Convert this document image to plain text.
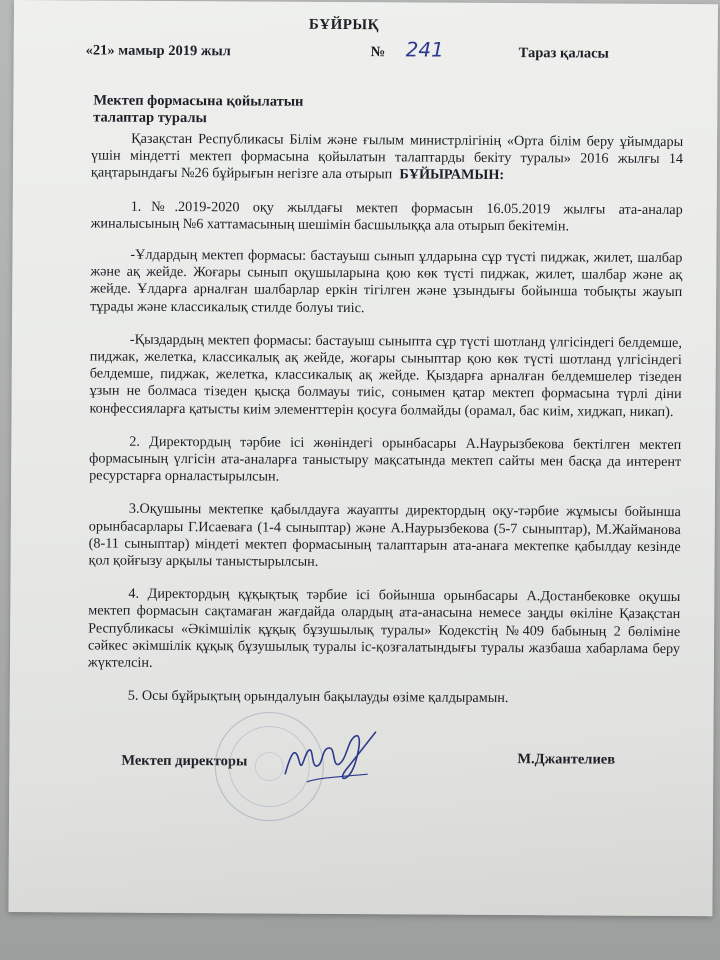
БҰЙРЫҚ
«21» мамыр 2019 жыл	№ 241	Тараз қаласы
Мектеп формасына қойылатын
талаптар туралы

Қазақстан Республикасы Білім және ғылым министрлігінің «Орта білім беру ұйымдары үшін міндетті мектеп формасына қойылатын талаптарды бекіту туралы» 2016 жылғы 14 қаңтарындағы №26 бұйрығын негізге ала отырып БҰЙЫРАМЫН:

1.№.2019-2020 оқу жылдағы мектеп формасын 16.05.2019 жылғы ата-аналар жиналысының №6 хаттамасының шешімін басшылыққа ала отырып бекітемін.

-Ұлдардың мектеп формасы: бастауыш сынып ұлдарына сұр түсті пиджак, жилет, шалбар және ақ жейде. Жоғары сынып оқушыларына қою көк түсті пиджак, жилет, шалбар және ақ жейде. Ұлдарға арналған шалбарлар еркін тігілген және ұзындығы бойынша тобықты жауып тұрады және классикалық стилде болуы тиіс.

-Қыздардың мектеп формасы: бастауыш сыныпта сұр түсті шотланд үлгісіндегі белдемше, пиджак, желетка, классикалық ақ жейде, жоғары сыныптар қою көк түсті шотланд үлгісіндегі белдемше, пиджак, желетка, классикалық ақ жейде. Қыздарға арналған белдемшелер тізеден ұзын не болмаса тізеден қысқа болмауы тиіс, сонымен қатар мектеп формасына түрлі діни конфессияларға қатысты киім элементтерін қосуға болмайды (орамал, бас киім, хиджап, никап).

2. Директордың тәрбие ісі жөніндегі орынбасары А.Наурызбекова бектілген мектеп формасының үлгісін ата-аналарға таныстыру мақсатында мектеп сайты мен басқа да интерент ресурстарға орналастырылсын.

3.Оқушыны мектепке қабылдауға жауапты директордың оқу-тәрбие жұмысы бойынша орынбасарлары Г.Исаеваға (1-4 сыныптар) және А.Наурызбекова (5-7 сыныптар), М.Жайманова (8-11 сыныптар) міндеті мектеп формасының талаптарын ата-анаға мектепке қабылдау кезінде қол қойғызу арқылы таныстырылсын.

4. Директордың құқықтық тәрбие ісі бойынша орынбасары А.Достанбековке оқушы мектеп формасын сақтамаған жағдайда олардың ата-анасына немесе заңды өкіліне Қазақстан Республикасы «Әкімшілік құқық бұзушылық туралы» Кодекстің №409 бабының 2 бөліміне сәйкес әкімшілік құқық бұзушылық туралы іс-қозғалатындығы туралы жазбаша хабарлама беру жүктелсін.

5. Осы бұйрықтың орындалуын бақылауды өзіме қалдырамын.

Мектеп директоры	М.Джантелиев
